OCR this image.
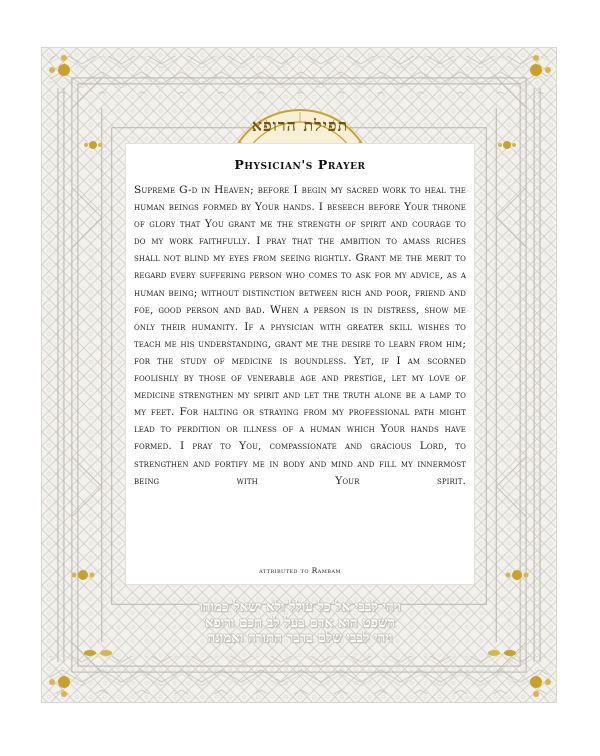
תפילת הרופא
Physician's Prayer

Supreme G-d in Heaven; before I begin my sacred work to heal the human beings formed by Your hands. I beseech before Your throne of glory that You grant me the strength of spirit and courage to do my work faithfully. I pray that the ambition to amass riches shall not blind my eyes from seeing rightly. Grant me the merit to regard every suffering person who comes to ask for my advice, as a human being; without distinction between rich and poor, friend and foe, good person and bad. When a person is in distress, show me only their humanity. If a physician with greater skill wishes to teach me his understanding, grant me the desire to learn from him; for the study of medicine is boundless. Yet, if I am scorned foolishly by those of venerable age and prestige, let my love of medicine strengthen my spirit and let the truth alone be a lamp to my feet. For halting or straying from my professional path might lead to perdition or illness of a human which Your hands have formed. I pray to You, compassionate and gracious Lord, to strengthen and fortify me in body and mind and fill my innermost being with Your spirit.

attributed to Rambam
ויהי לבבי אל כל עולל ולא ישאל כמוהו
השפט הוא אדם בעל לב חכם ורופא
ויהי לבבי שלם בדבר התורה ואמונה
